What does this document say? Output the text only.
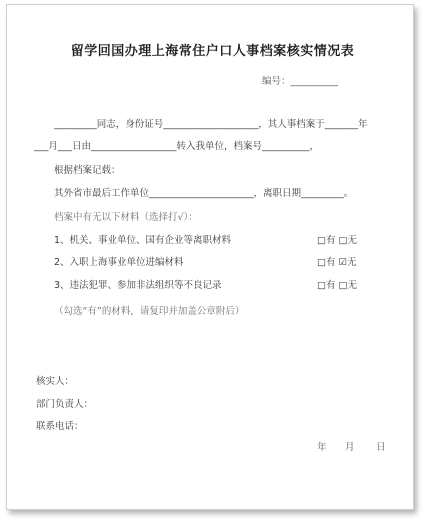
留学回国办理上海常住户口人事档案核实情况表
编号：__________
_________同志，身份证号____________________，其人事档案于_______年
___月___日由__________________转入我单位，档案号__________，
根据档案记载：
其外省市最后工作单位______________________，离职日期_________。
档案中有无以下材料（选择打√）：
1、机关、事业单位、国有企业等离职材料	□有 □无
2、入职上海事业单位进编材料	□有 ☑无
3、违法犯罪、参加非法组织等不良记录	□有 □无
（勾选“有”的材料，请复印并加盖公章附后）
核实人：
部门负责人：
联系电话：
年 月 日
